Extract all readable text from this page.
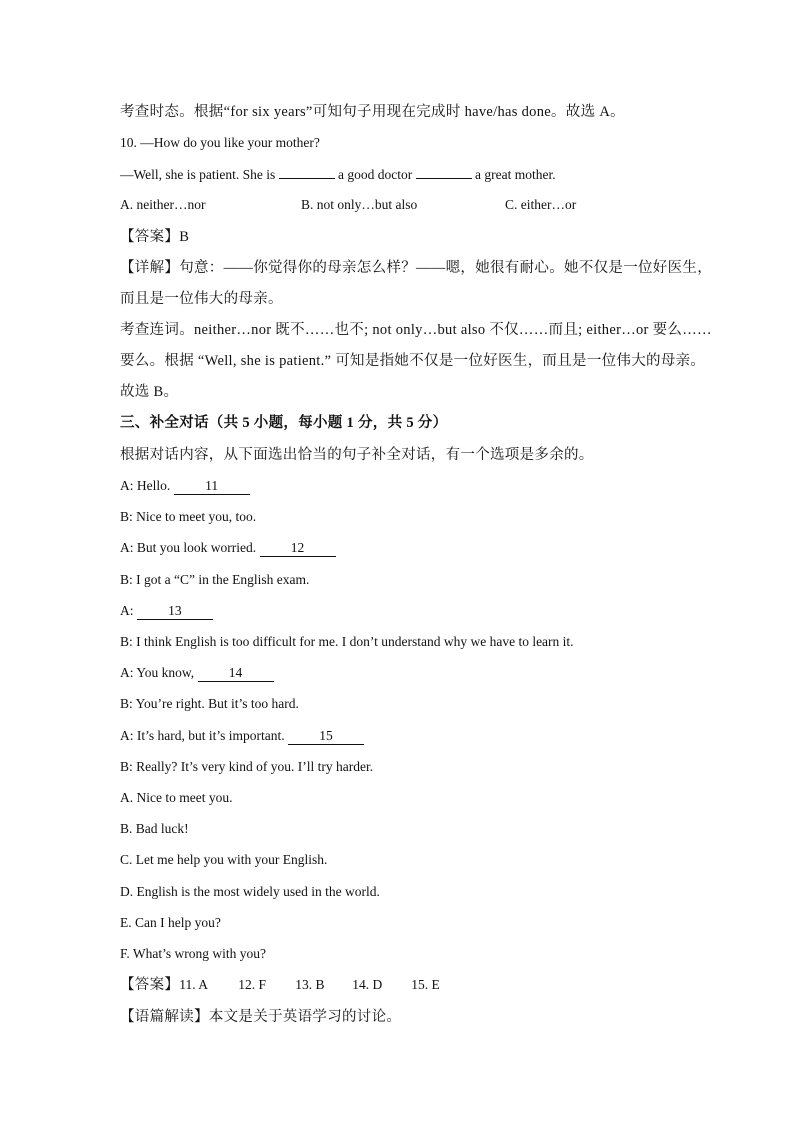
考查时态。根据“for six years”可知句子用现在完成时 have/has done。故选 A。
10. —How do you like your mother?
—Well, she is patient. She is	a good doctor	a great mother.
A. neither…nor	B. not only…but also	C. either…or
【答案】B
【详解】句意：——你觉得你的母亲怎么样？——嗯，她很有耐心。她不仅是一位好医生，
而且是一位伟大的母亲。
考查连词。neither…nor 既不……也不; not only…but also 不仅……而且; either…or 要么……
要么。根据 “Well, she is patient.” 可知是指她不仅是一位好医生，而且是一位伟大的母亲。
故选 B。
三、补全对话（共 5 小题，每小题 1 分，共 5 分）
根据对话内容，从下面选出恰当的句子补全对话，有一个选项是多余的。
A: Hello. 11
B: Nice to meet you, too.
A: But you look worried. 12
B: I got a “C” in the English exam.
A: 13
B: I think English is too difficult for me. I don’t understand why we have to learn it.
A: You know, 14
B: You’re right. But it’s too hard.
A: It’s hard, but it’s important. 15
B: Really? It’s very kind of you. I’ll try harder.
A. Nice to meet you.
B. Bad luck!
C. Let me help you with your English.
D. English is the most widely used in the world.
E. Can I help you?
F. What’s wrong with you?
【答案】11. A 12. F 13. B 14. D 15. E
【语篇解读】本文是关于英语学习的讨论。
